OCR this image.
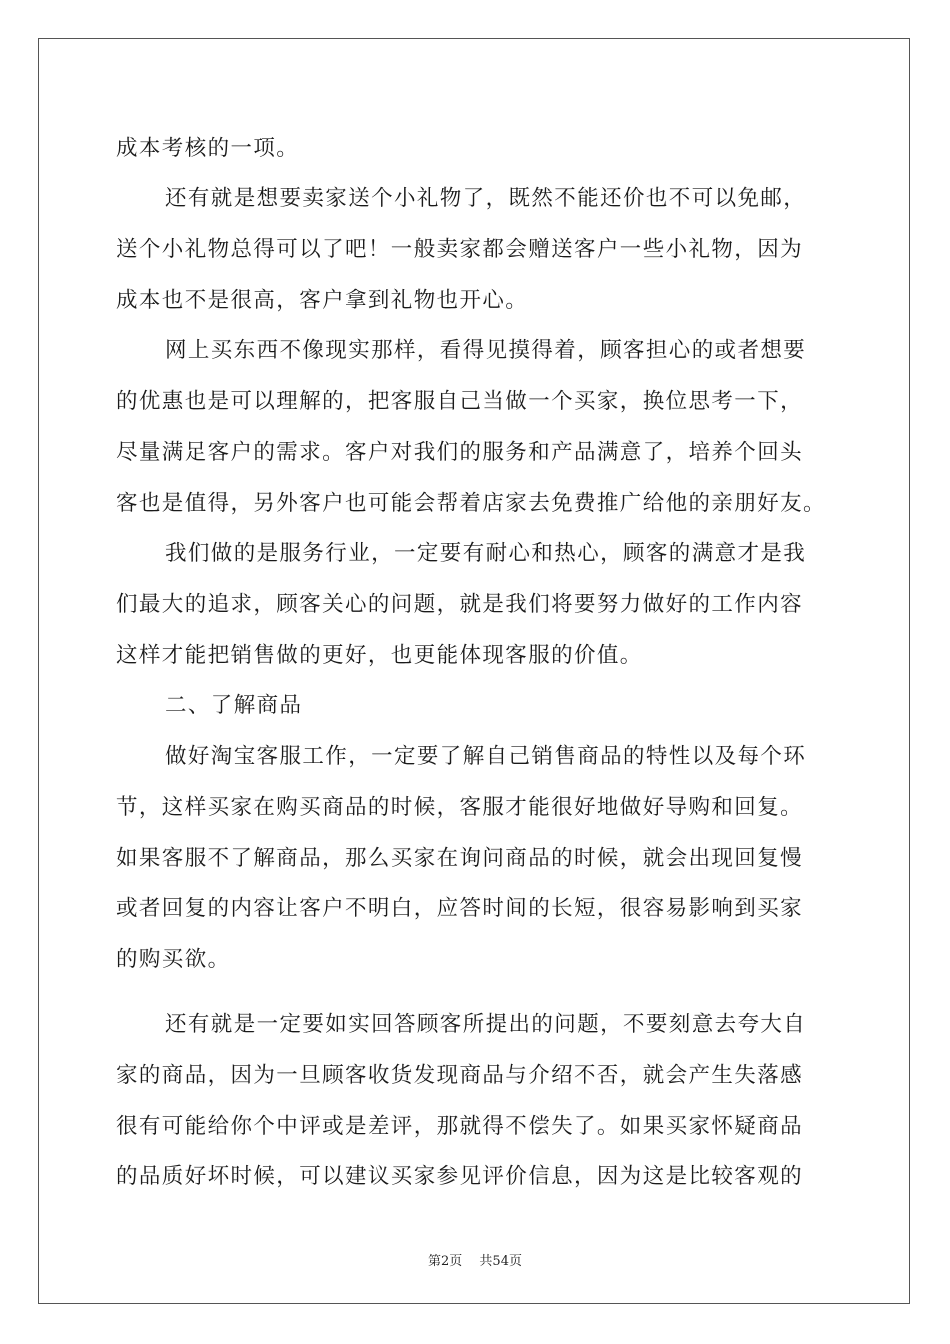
成本考核的一项。
还有就是想要卖家送个小礼物了，既然不能还价也不可以免邮，
送个小礼物总得可以了吧！一般卖家都会赠送客户一些小礼物，因为
成本也不是很高，客户拿到礼物也开心。
网上买东西不像现实那样，看得见摸得着，顾客担心的或者想要
的优惠也是可以理解的，把客服自己当做一个买家，换位思考一下，
尽量满足客户的需求。客户对我们的服务和产品满意了，培养个回头
客也是值得，另外客户也可能会帮着店家去免费推广给他的亲朋好友。
我们做的是服务行业，一定要有耐心和热心，顾客的满意才是我
们最大的追求，顾客关心的问题，就是我们将要努力做好的工作内容
这样才能把销售做的更好，也更能体现客服的价值。
二、了解商品
做好淘宝客服工作，一定要了解自己销售商品的特性以及每个环
节，这样买家在购买商品的时候，客服才能很好地做好导购和回复。
如果客服不了解商品，那么买家在询问商品的时候，就会出现回复慢
或者回复的内容让客户不明白，应答时间的长短，很容易影响到买家
的购买欲。
还有就是一定要如实回答顾客所提出的问题，不要刻意去夸大自
家的商品，因为一旦顾客收货发现商品与介绍不否，就会产生失落感
很有可能给你个中评或是差评，那就得不偿失了。如果买家怀疑商品
的品质好坏时候，可以建议买家参见评价信息，因为这是比较客观的
第2页　 共54页
